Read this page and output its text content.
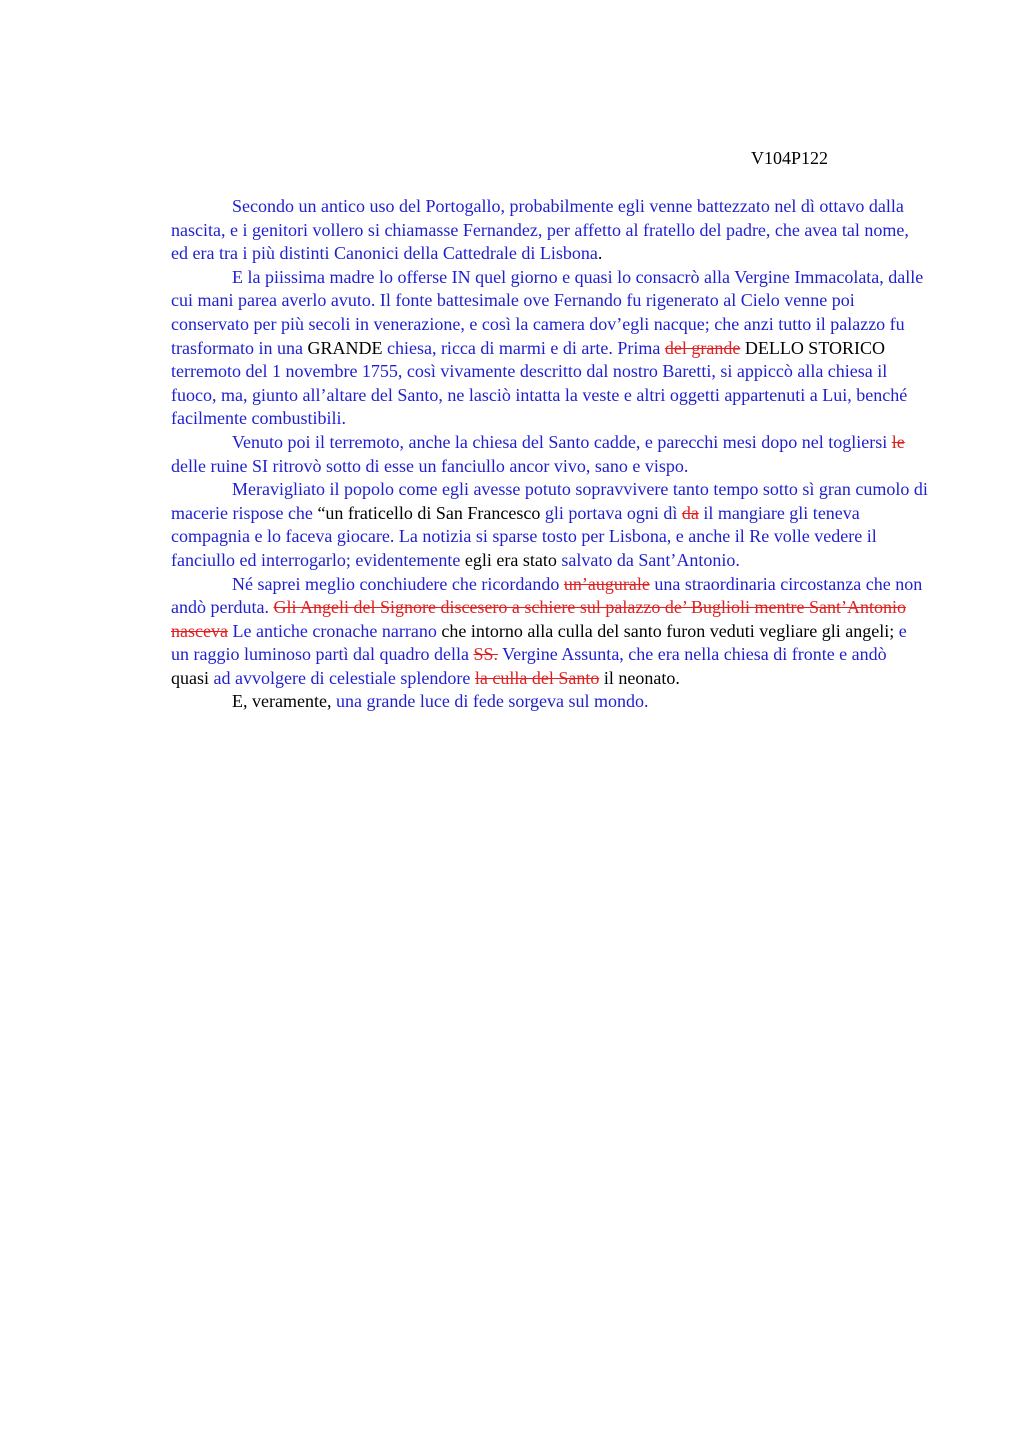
V104P122

Secondo un antico uso del Portogallo, probabilmente egli venne battezzato nel dì ottavo dalla nascita, e i genitori vollero si chiamasse Fernandez, per affetto al fratello del padre, che avea tal nome, ed era tra i più distinti Canonici della Cattedrale di Lisbona.

E la piissima madre lo offerse IN quel giorno e quasi lo consacrò alla Vergine Immacolata, dalle cui mani parea averlo avuto. Il fonte battesimale ove Fernando fu rigenerato al Cielo venne poi conservato per più secoli in venerazione, e così la camera dov’egli nacque; che anzi tutto il palazzo fu trasformato in una GRANDE chiesa, ricca di marmi e di arte. Prima del grande DELLO STORICO terremoto del 1 novembre 1755, così vivamente descritto dal nostro Baretti, si appiccò alla chiesa il fuoco, ma, giunto all’altare del Santo, ne lasciò intatta la veste e altri oggetti appartenuti a Lui, benché facilmente combustibili.

Venuto poi il terremoto, anche la chiesa del Santo cadde, e parecchi mesi dopo nel togliersi le delle ruine SI ritrovò sotto di esse un fanciullo ancor vivo, sano e vispo.

Meravigliato il popolo come egli avesse potuto sopravvivere tanto tempo sotto sì gran cumolo di macerie rispose che “un fraticello di San Francesco gli portava ogni dì da il mangiare gli teneva compagnia e lo faceva giocare. La notizia si sparse tosto per Lisbona, e anche il Re volle vedere il fanciullo ed interrogarlo; evidentemente egli era stato salvato da Sant’Antonio.

Né saprei meglio conchiudere che ricordando un’augurale una straordinaria circostanza che non andò perduta. Gli Angeli del Signore discesero a schiere sul palazzo de’ Buglioli mentre Sant’Antonio nasceva Le antiche cronache narrano che intorno alla culla del santo furon veduti vegliare gli angeli; e un raggio luminoso partì dal quadro della SS. Vergine Assunta, che era nella chiesa di fronte e andò quasi ad avvolgere di celestiale splendore la culla del Santo il neonato.

E, veramente, una grande luce di fede sorgeva sul mondo.
